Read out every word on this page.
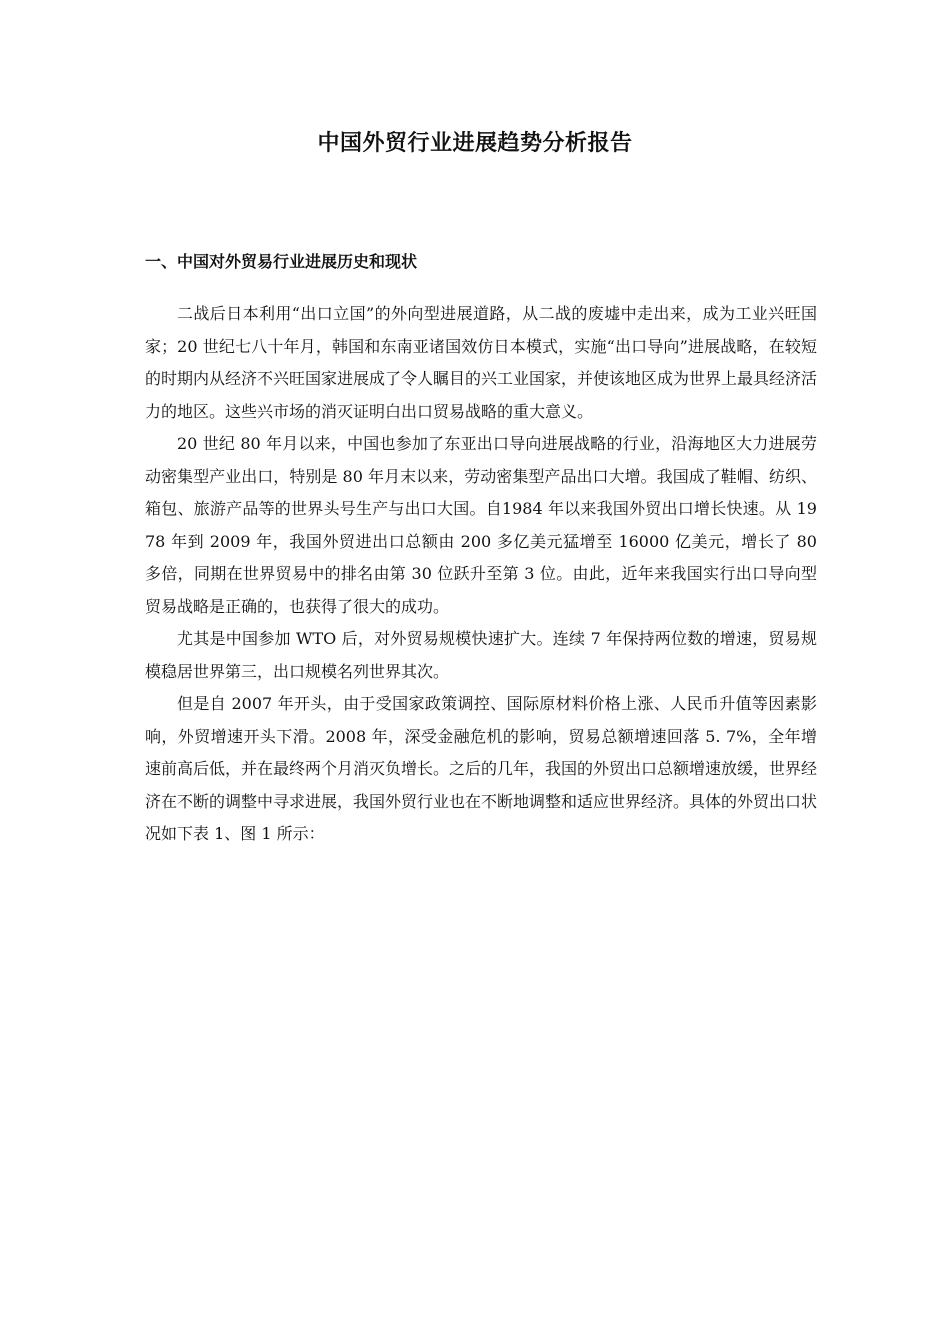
中国外贸行业进展趋势分析报告
一、中国对外贸易行业进展历史和现状

二战后日本利用“出口立国”的外向型进展道路，从二战的废墟中走出来，成为工业兴旺国家；20 世纪七八十年月，韩国和东南亚诸国效仿日本模式，实施“出口导向”进展战略，在较短的时期内从经济不兴旺国家进展成了令人瞩目的兴工业国家，并使该地区成为世界上最具经济活力的地区。这些兴市场的消灭证明白出口贸易战略的重大意义。

20 世纪 80 年月以来，中国也参加了东亚出口导向进展战略的行业，沿海地区大力进展劳动密集型产业出口，特别是 80 年月末以来，劳动密集型产品出口大增。我国成了鞋帽、纺织、箱包、旅游产品等的世界头号生产与出口大国。自1984 年以来我国外贸出口增长快速。从 1978 年到 2009 年，我国外贸进出口总额由 200 多亿美元猛增至 16000 亿美元，增长了 80 多倍，同期在世界贸易中的排名由第 30 位跃升至第 3 位。由此，近年来我国实行出口导向型贸易战略是正确的，也获得了很大的成功。

尤其是中国参加 WTO 后，对外贸易规模快速扩大。连续 7 年保持两位数的增速，贸易规模稳居世界第三，出口规模名列世界其次。

但是自 2007 年开头，由于受国家政策调控、国际原材料价格上涨、人民币升值等因素影响，外贸增速开头下滑。2008 年，深受金融危机的影响，贸易总额增速回落 5. 7%，全年增速前高后低，并在最终两个月消灭负增长。之后的几年，我国的外贸出口总额增速放缓，世界经济在不断的调整中寻求进展，我国外贸行业也在不断地调整和适应世界经济。具体的外贸出口状况如下表 1、图 1 所示：
